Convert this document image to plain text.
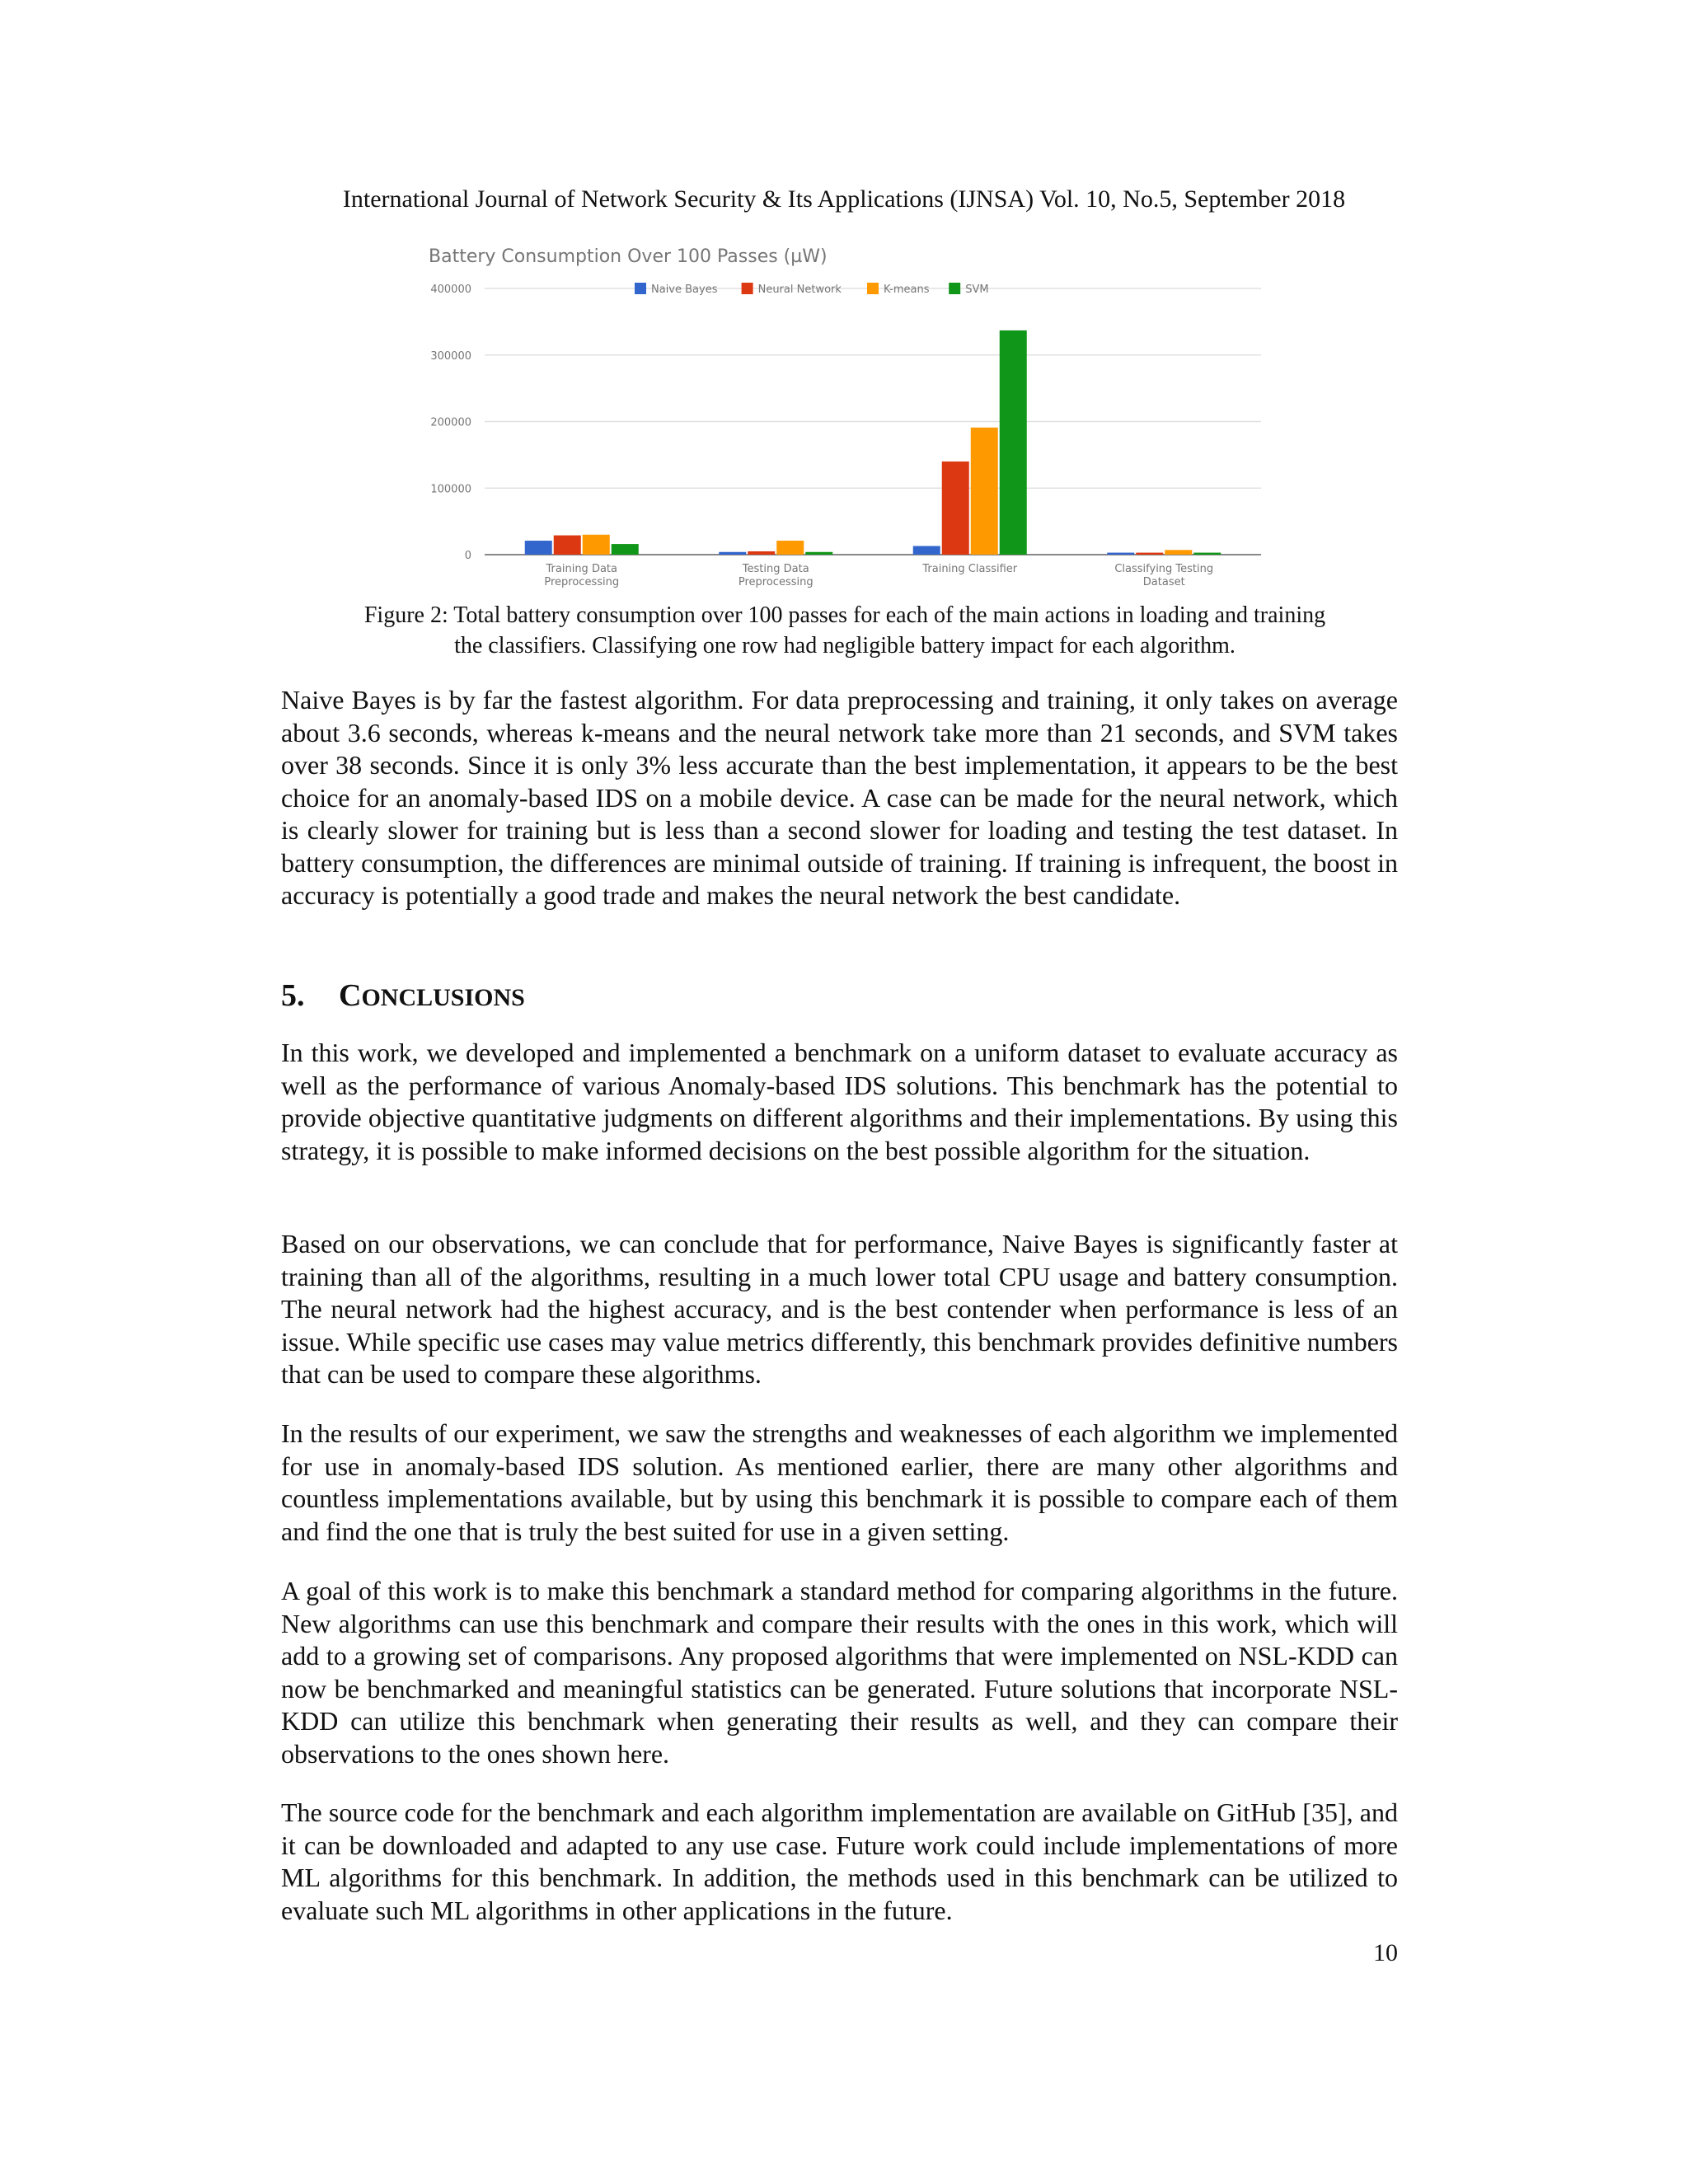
International Journal of Network Security & Its Applications (IJNSA) Vol. 10, No.5, September 2018
Battery Consumption Over 100 Passes (µW)
0
100000
200000
300000
400000	Naive Bayes	Neural Network	K-means	SVM
Training Data
Preprocessing
Testing Data
Preprocessing
Training Classifier	Classifying Testing
Dataset
Figure 2: Total battery consumption over 100 passes for each of the main actions in loading and training
the classifiers. Classifying one row had negligible battery impact for each algorithm.

Naive Bayes is by far the fastest algorithm. For data preprocessing and training, it only takes on average about 3.6 seconds, whereas k-means and the neural network take more than 21 seconds, and SVM takes over 38 seconds. Since it is only 3% less accurate than the best implementation, it appears to be the best choice for an anomaly-based IDS on a mobile device. A case can be made for the neural network, which is clearly slower for training but is less than a second slower for loading and testing the test dataset. In battery consumption, the differences are minimal outside of training. If training is infrequent, the boost in accuracy is potentially a good trade and makes the neural network the best candidate.

5. CONCLUSIONS

In this work, we developed and implemented a benchmark on a uniform dataset to evaluate accuracy as well as the performance of various Anomaly-based IDS solutions. This benchmark has the potential to provide objective quantitative judgments on different algorithms and their implementations. By using this strategy, it is possible to make informed decisions on the best possible algorithm for the situation.

Based on our observations, we can conclude that for performance, Naive Bayes is significantly faster at training than all of the algorithms, resulting in a much lower total CPU usage and battery consumption. The neural network had the highest accuracy, and is the best contender when performance is less of an issue. While specific use cases may value metrics differently, this benchmark provides definitive numbers that can be used to compare these algorithms.

In the results of our experiment, we saw the strengths and weaknesses of each algorithm we implemented for use in anomaly-based IDS solution. As mentioned earlier, there are many other algorithms and countless implementations available, but by using this benchmark it is possible to compare each of them and find the one that is truly the best suited for use in a given setting.

A goal of this work is to make this benchmark a standard method for comparing algorithms in the future. New algorithms can use this benchmark and compare their results with the ones in this work, which will add to a growing set of comparisons. Any proposed algorithms that were implemented on NSL-KDD can now be benchmarked and meaningful statistics can be generated. Future solutions that incorporate NSL-KDD can utilize this benchmark when generating their results as well, and they can compare their observations to the ones shown here.

The source code for the benchmark and each algorithm implementation are available on GitHub [35], and it can be downloaded and adapted to any use case. Future work could include implementations of more ML algorithms for this benchmark. In addition, the methods used in this benchmark can be utilized to evaluate such ML algorithms in other applications in the future.

10
